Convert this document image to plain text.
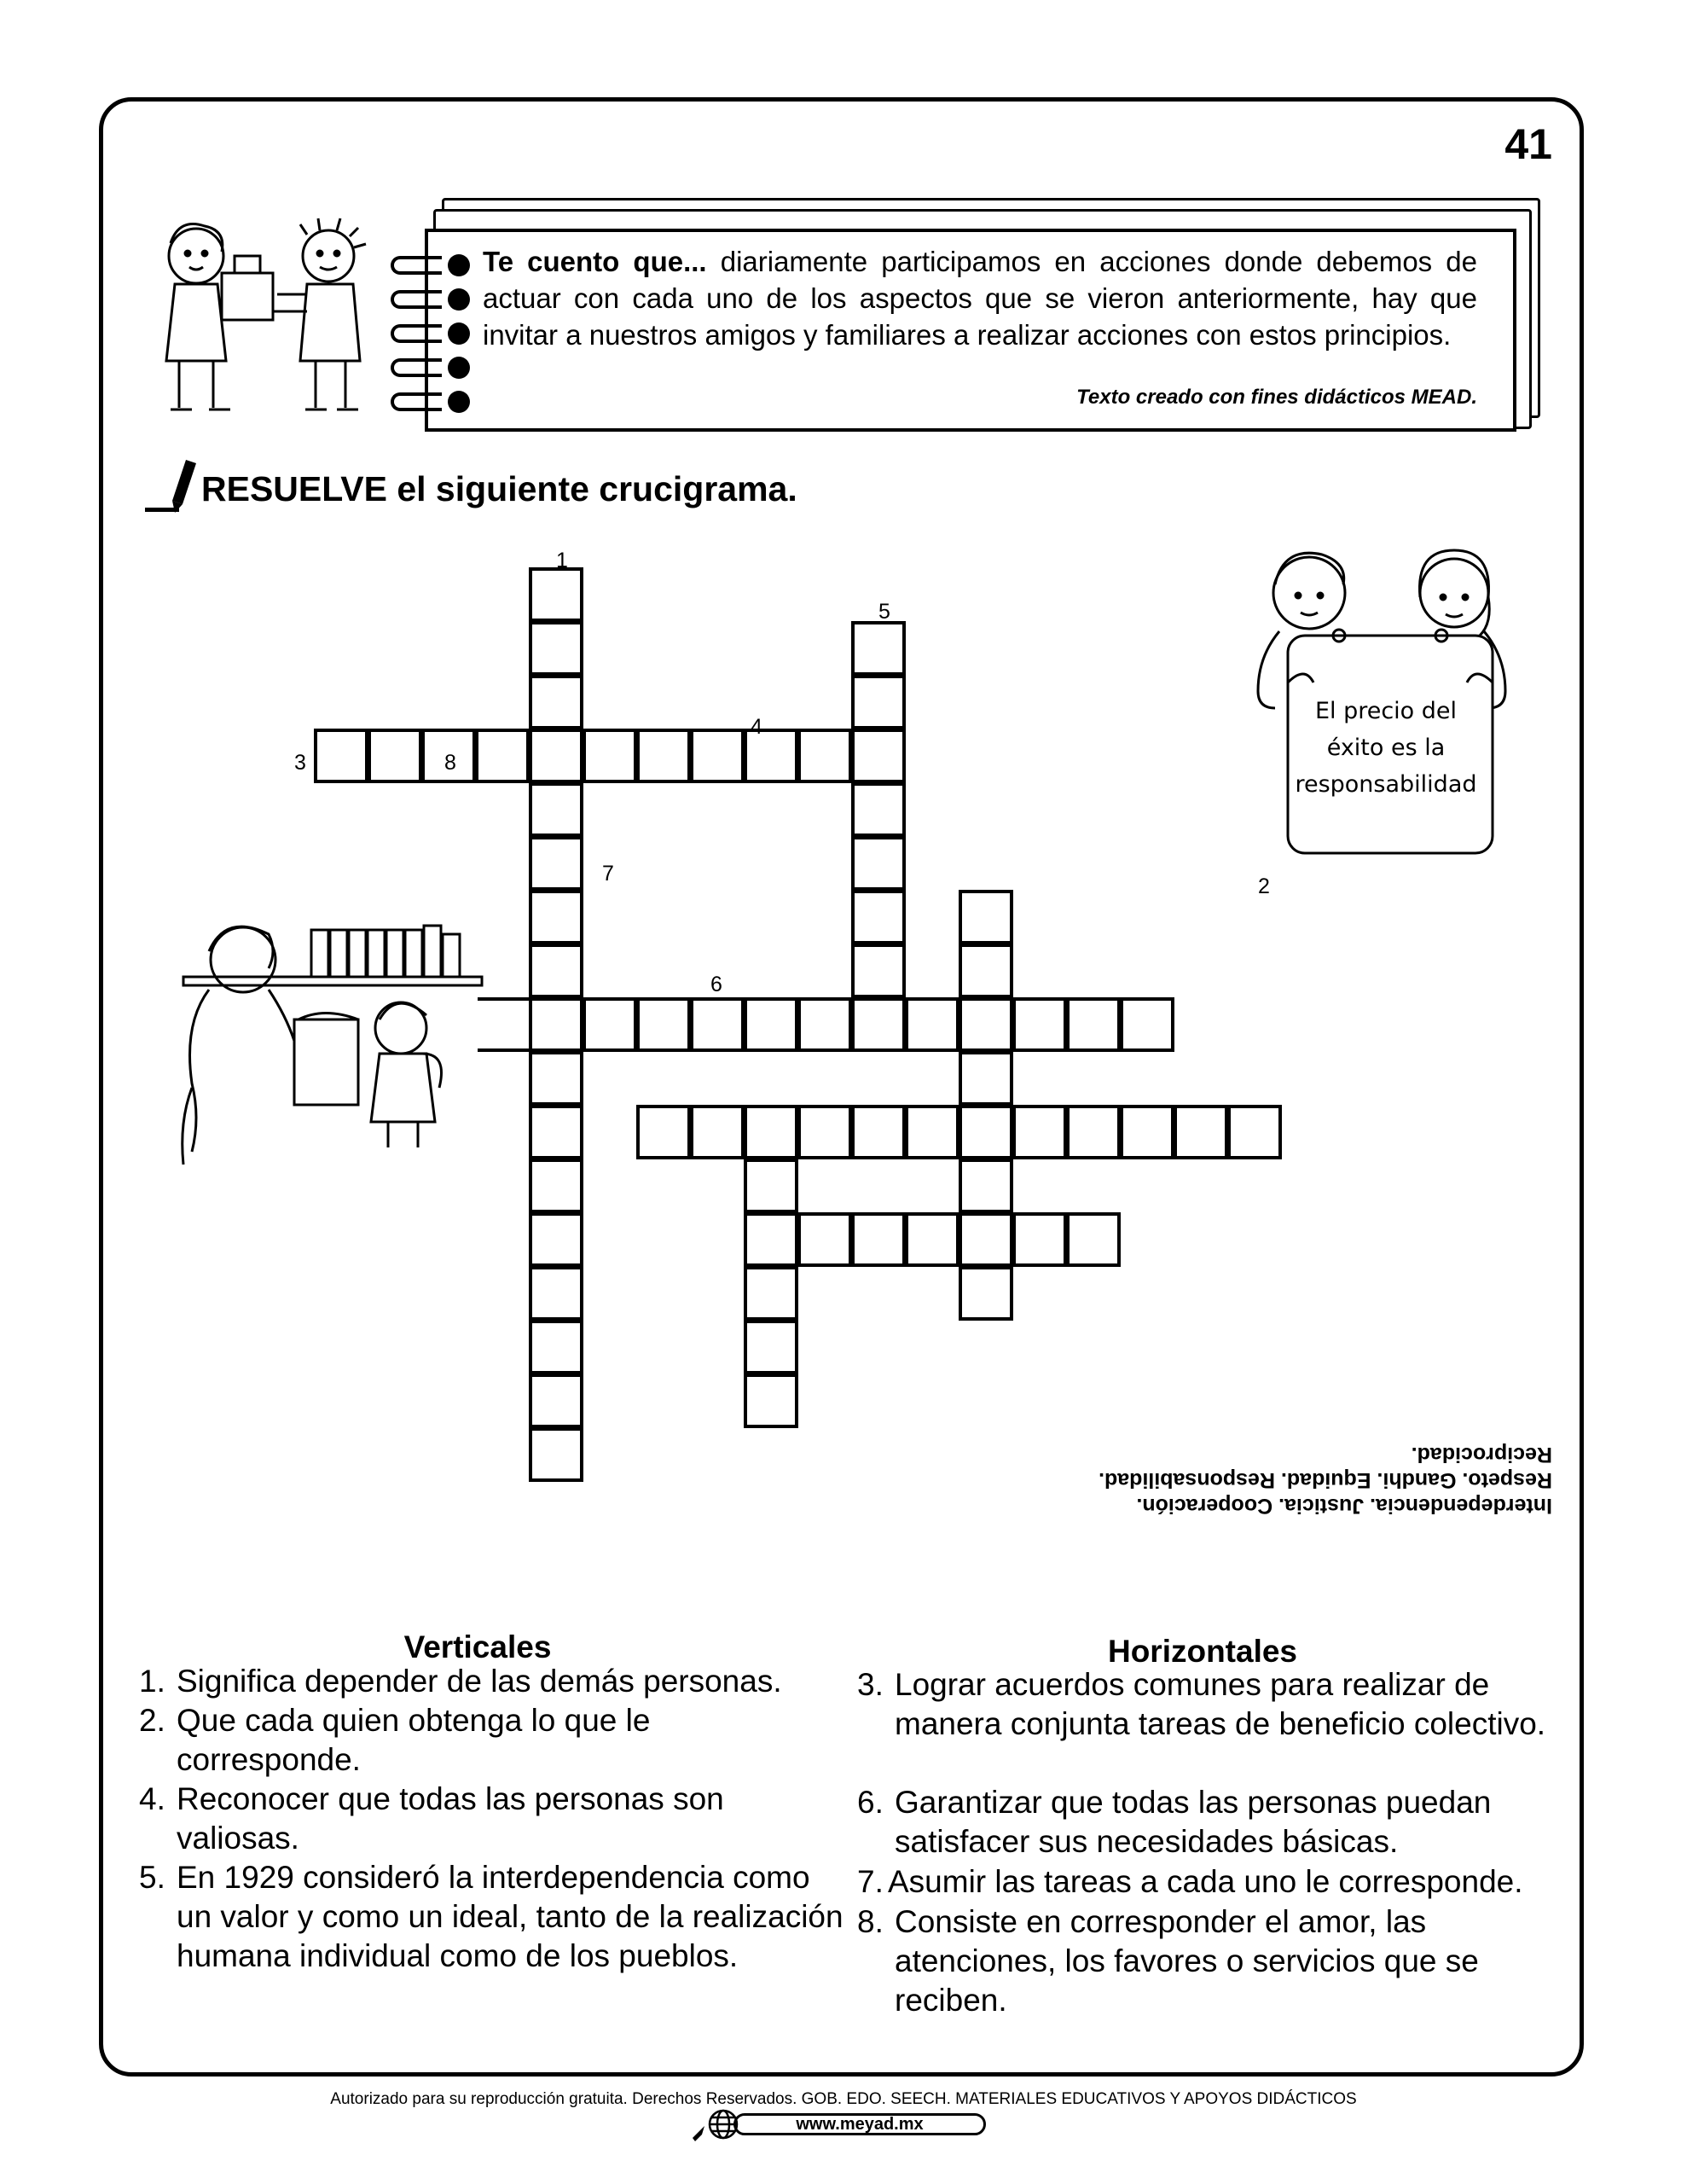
41
Te cuento que... diariamente participamos en acciones donde debemos de actuar con cada uno de los aspectos que se vieron anteriormente, hay que invitar a nuestros amigos y familiares a realizar acciones con estos principios.
Texto creado con fines didácticos MEAD.
RESUELVE el siguiente crucigrama.
1
2
3
4
5
6
7
8
El precio del
éxito es la
responsabilidad
Interdependencia. Justicia. Cooperación.
Respeto. Gandhi. Equidad. Responsabilidad.
Reciprocidad.
Verticales	Horizontales
1. Significa depender de las demás personas.
2. Que cada quien obtenga lo que le corresponde.
4. Reconocer que todas las personas son valiosas.
5. En 1929 consideró la interdependencia como un valor y como un ideal, tanto de la realización humana individual como de los pueblos.
3. Lograr acuerdos comunes para realizar de manera conjunta tareas de beneficio colectivo.
6. Garantizar que todas las personas puedan satisfacer sus necesidades básicas.
7. Asumir las tareas a cada uno le corresponde.
8. Consiste en corresponder el amor, las atenciones, los favores o servicios que se reciben.
Autorizado para su reproducción gratuita. Derechos Reservados. GOB. EDO. SEECH. MATERIALES EDUCATIVOS Y APOYOS DIDÁCTICOS
www.meyad.mx
